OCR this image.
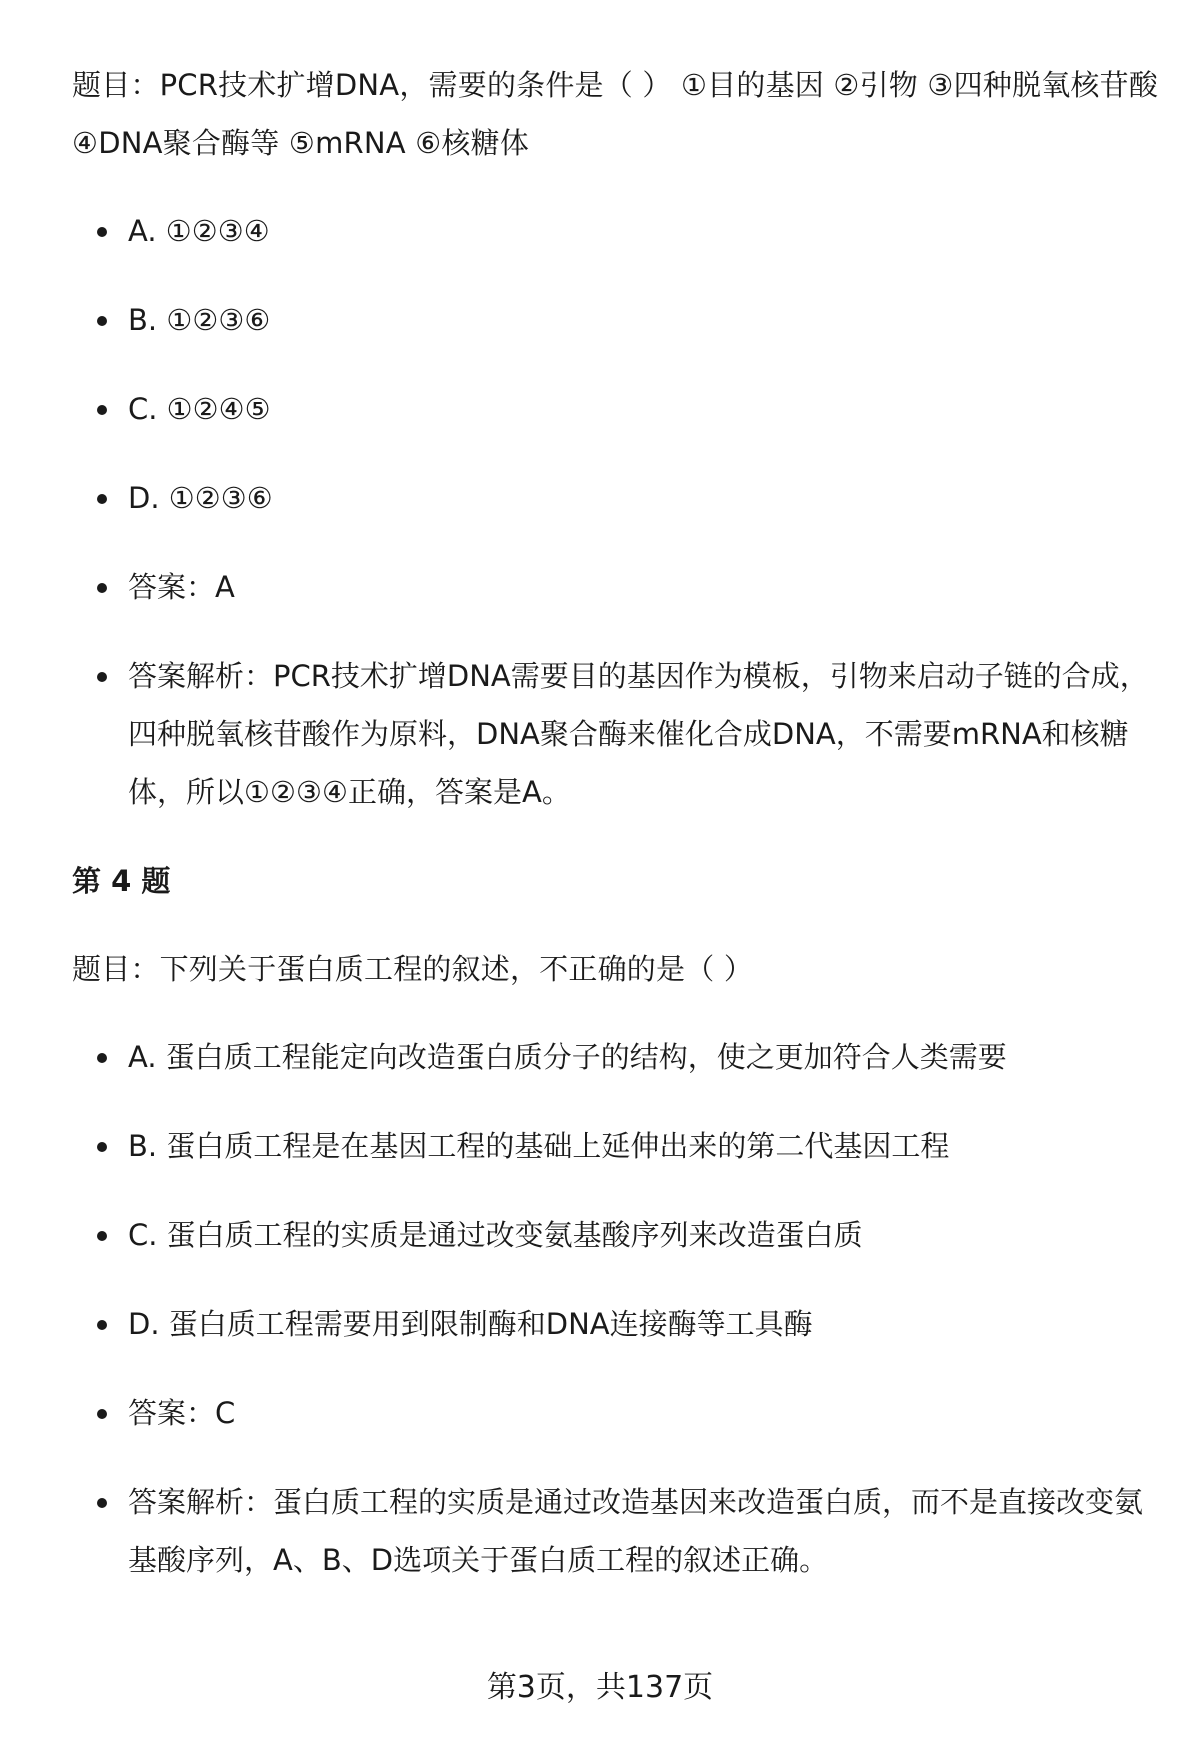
题目：PCR技术扩增DNA，需要的条件是（ ） ①目的基因 ②引物 ③四种脱氧核苷酸 ④DNA聚合酶等 ⑤mRNA ⑥核糖体

A. ①②③④
B. ①②③⑥
C. ①②④⑤
D. ①②③⑥
答案：A
答案解析：PCR技术扩增DNA需要目的基因作为模板，引物来启动子链的合成，四种脱氧核苷酸作为原料，DNA聚合酶来催化合成DNA，不需要mRNA和核糖体，所以①②③④正确，答案是A。
第 4 题

题目：下列关于蛋白质工程的叙述，不正确的是（ ）

A. 蛋白质工程能定向改造蛋白质分子的结构，使之更加符合人类需要
B. 蛋白质工程是在基因工程的基础上延伸出来的第二代基因工程
C. 蛋白质工程的实质是通过改变氨基酸序列来改造蛋白质
D. 蛋白质工程需要用到限制酶和DNA连接酶等工具酶
答案：C
答案解析：蛋白质工程的实质是通过改造基因来改造蛋白质，而不是直接改变氨基酸序列，A、B、D选项关于蛋白质工程的叙述正确。
第3页，共137页
